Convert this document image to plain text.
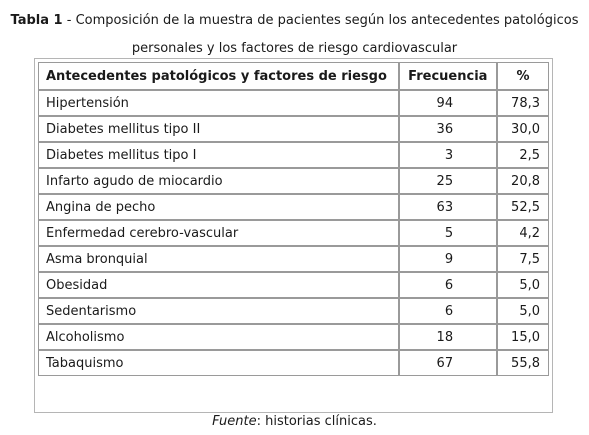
Tabla 1 - Composición de la muestra de pacientes según los antecedentes patológicos personales y los factores de riesgo cardiovascular
Antecedentes patológicos y factores de riesgo	Frecuencia	%
Hipertensión	94	78,3
Diabetes mellitus tipo II	36	30,0
Diabetes mellitus tipo I	3	2,5
Infarto agudo de miocardio	25	20,8
Angina de pecho	63	52,5
Enfermedad cerebro-vascular	5	4,2
Asma bronquial	9	7,5
Obesidad	6	5,0
Sedentarismo	6	5,0
Alcoholismo	18	15,0
Tabaquismo	67	55,8
Fuente: historias clínicas.
